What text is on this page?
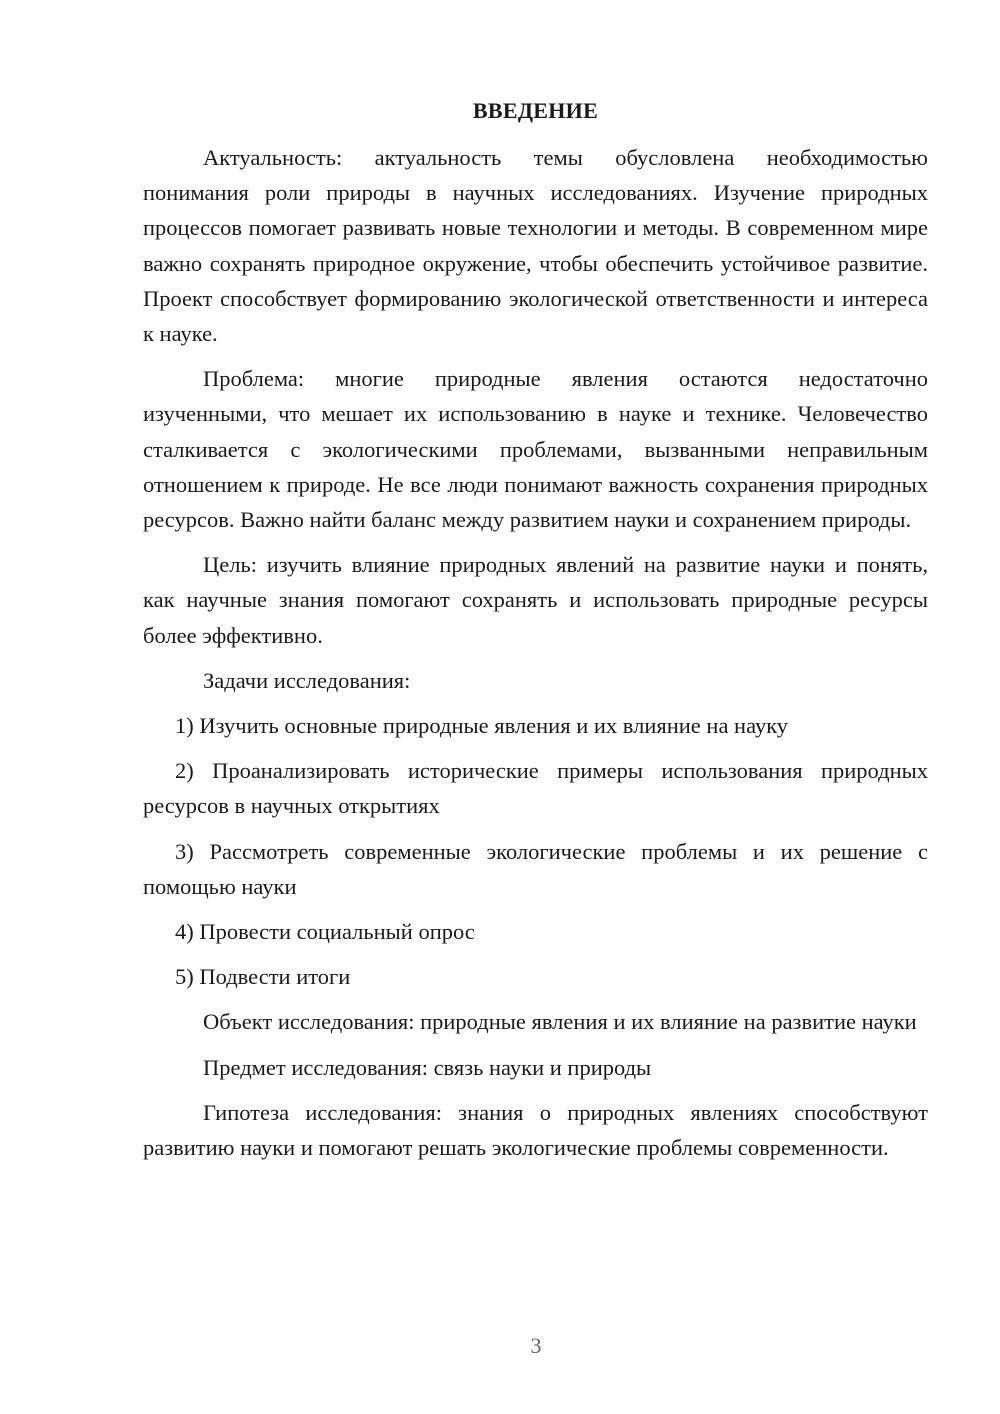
ВВЕДЕНИЕ

Актуальность: актуальность темы обусловлена необходимостью понимания роли природы в научных исследованиях. Изучение природных процессов помогает развивать новые технологии и методы. В современном мире важно сохранять природное окружение, чтобы обеспечить устойчивое развитие. Проект способствует формированию экологической ответственности и интереса к науке.

Проблема: многие природные явления остаются недостаточно изученными, что мешает их использованию в науке и технике. Человечество сталкивается с экологическими проблемами, вызванными неправильным отношением к природе. Не все люди понимают важность сохранения природных ресурсов. Важно найти баланс между развитием науки и сохранением природы.

Цель: изучить влияние природных явлений на развитие науки и понять, как научные знания помогают сохранять и использовать природные ресурсы более эффективно.

Задачи исследования:

1) Изучить основные природные явления и их влияние на науку

2) Проанализировать исторические примеры использования природных ресурсов в научных открытиях

3) Рассмотреть современные экологические проблемы и их решение с помощью науки

4) Провести социальный опрос

5) Подвести итоги

Объект исследования: природные явления и их влияние на развитие науки

Предмет исследования: связь науки и природы

Гипотеза исследования: знания о природных явлениях способствуют развитию науки и помогают решать экологические проблемы современности.

3
